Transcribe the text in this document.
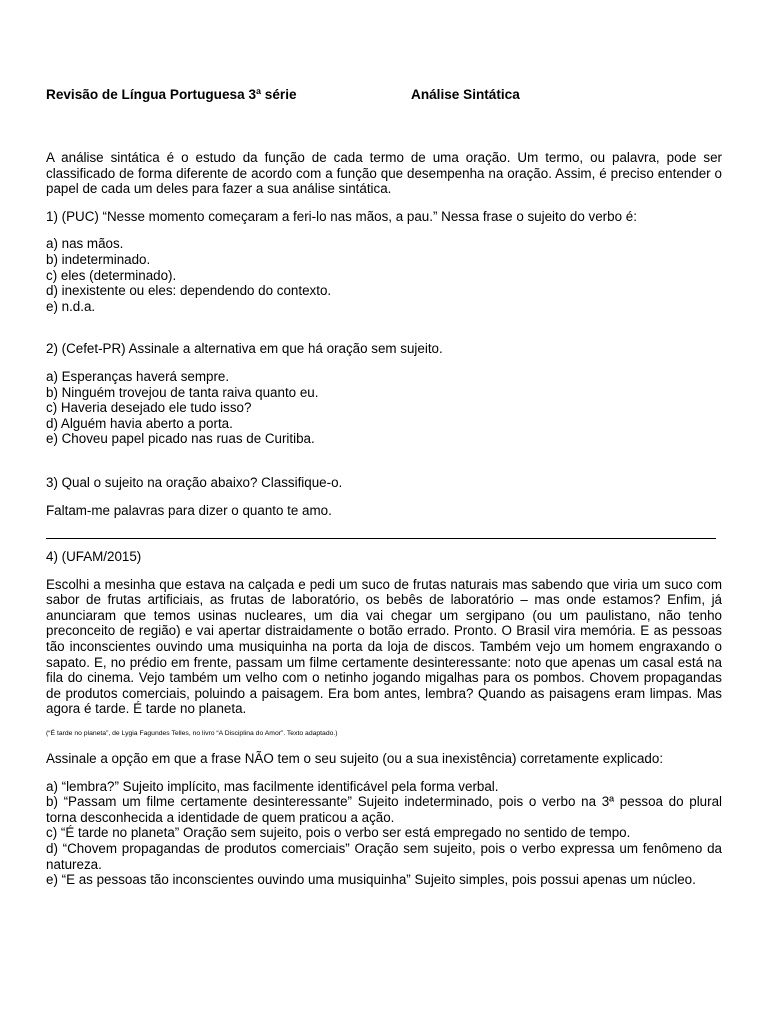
Revisão de Língua Portuguesa 3ª série	Análise Sintática

A análise sintática é o estudo da função de cada termo de uma oração. Um termo, ou palavra, pode ser classificado de forma diferente de acordo com a função que desempenha na oração. Assim, é preciso entender o papel de cada um deles para fazer a sua análise sintática.

1) (PUC) “Nesse momento começaram a feri-lo nas mãos, a pau.” Nessa frase o sujeito do verbo é:

a) nas mãos.
b) indeterminado.
c) eles (determinado).
d) inexistente ou eles: dependendo do contexto.
e) n.d.a.

2) (Cefet-PR) Assinale a alternativa em que há oração sem sujeito.

a) Esperanças haverá sempre.
b) Ninguém trovejou de tanta raiva quanto eu.
c) Haveria desejado ele tudo isso?
d) Alguém havia aberto a porta.
e) Choveu papel picado nas ruas de Curitiba.

3) Qual o sujeito na oração abaixo? Classifique-o.

Faltam-me palavras para dizer o quanto te amo.

4) (UFAM/2015)

Escolhi a mesinha que estava na calçada e pedi um suco de frutas naturais mas sabendo que viria um suco com sabor de frutas artificiais, as frutas de laboratório, os bebês de laboratório – mas onde estamos? Enfim, já anunciaram que temos usinas nucleares, um dia vai chegar um sergipano (ou um paulistano, não tenho preconceito de região) e vai apertar distraidamente o botão errado. Pronto. O Brasil vira memória. E as pessoas tão inconscientes ouvindo uma musiquinha na porta da loja de discos. Também vejo um homem engraxando o sapato. E, no prédio em frente, passam um filme certamente desinteressante: noto que apenas um casal está na fila do cinema. Vejo também um velho com o netinho jogando migalhas para os pombos. Chovem propagandas de produtos comerciais, poluindo a paisagem. Era bom antes, lembra? Quando as paisagens eram limpas. Mas agora é tarde. É tarde no planeta.

(“É tarde no planeta”, de Lygia Fagundes Telles, no livro “A Disciplina do Amor”. Texto adaptado.)

Assinale a opção em que a frase NÃO tem o seu sujeito (ou a sua inexistência) corretamente explicado:

a) “lembra?” Sujeito implícito, mas facilmente identificável pela forma verbal.

b) “Passam um filme certamente desinteressante” Sujeito indeterminado, pois o verbo na 3ª pessoa do plural torna desconhecida a identidade de quem praticou a ação.

c) “É tarde no planeta” Oração sem sujeito, pois o verbo ser está empregado no sentido de tempo.

d) “Chovem propagandas de produtos comerciais” Oração sem sujeito, pois o verbo expressa um fenômeno da natureza.

e) “E as pessoas tão inconscientes ouvindo uma musiquinha” Sujeito simples, pois possui apenas um núcleo.
